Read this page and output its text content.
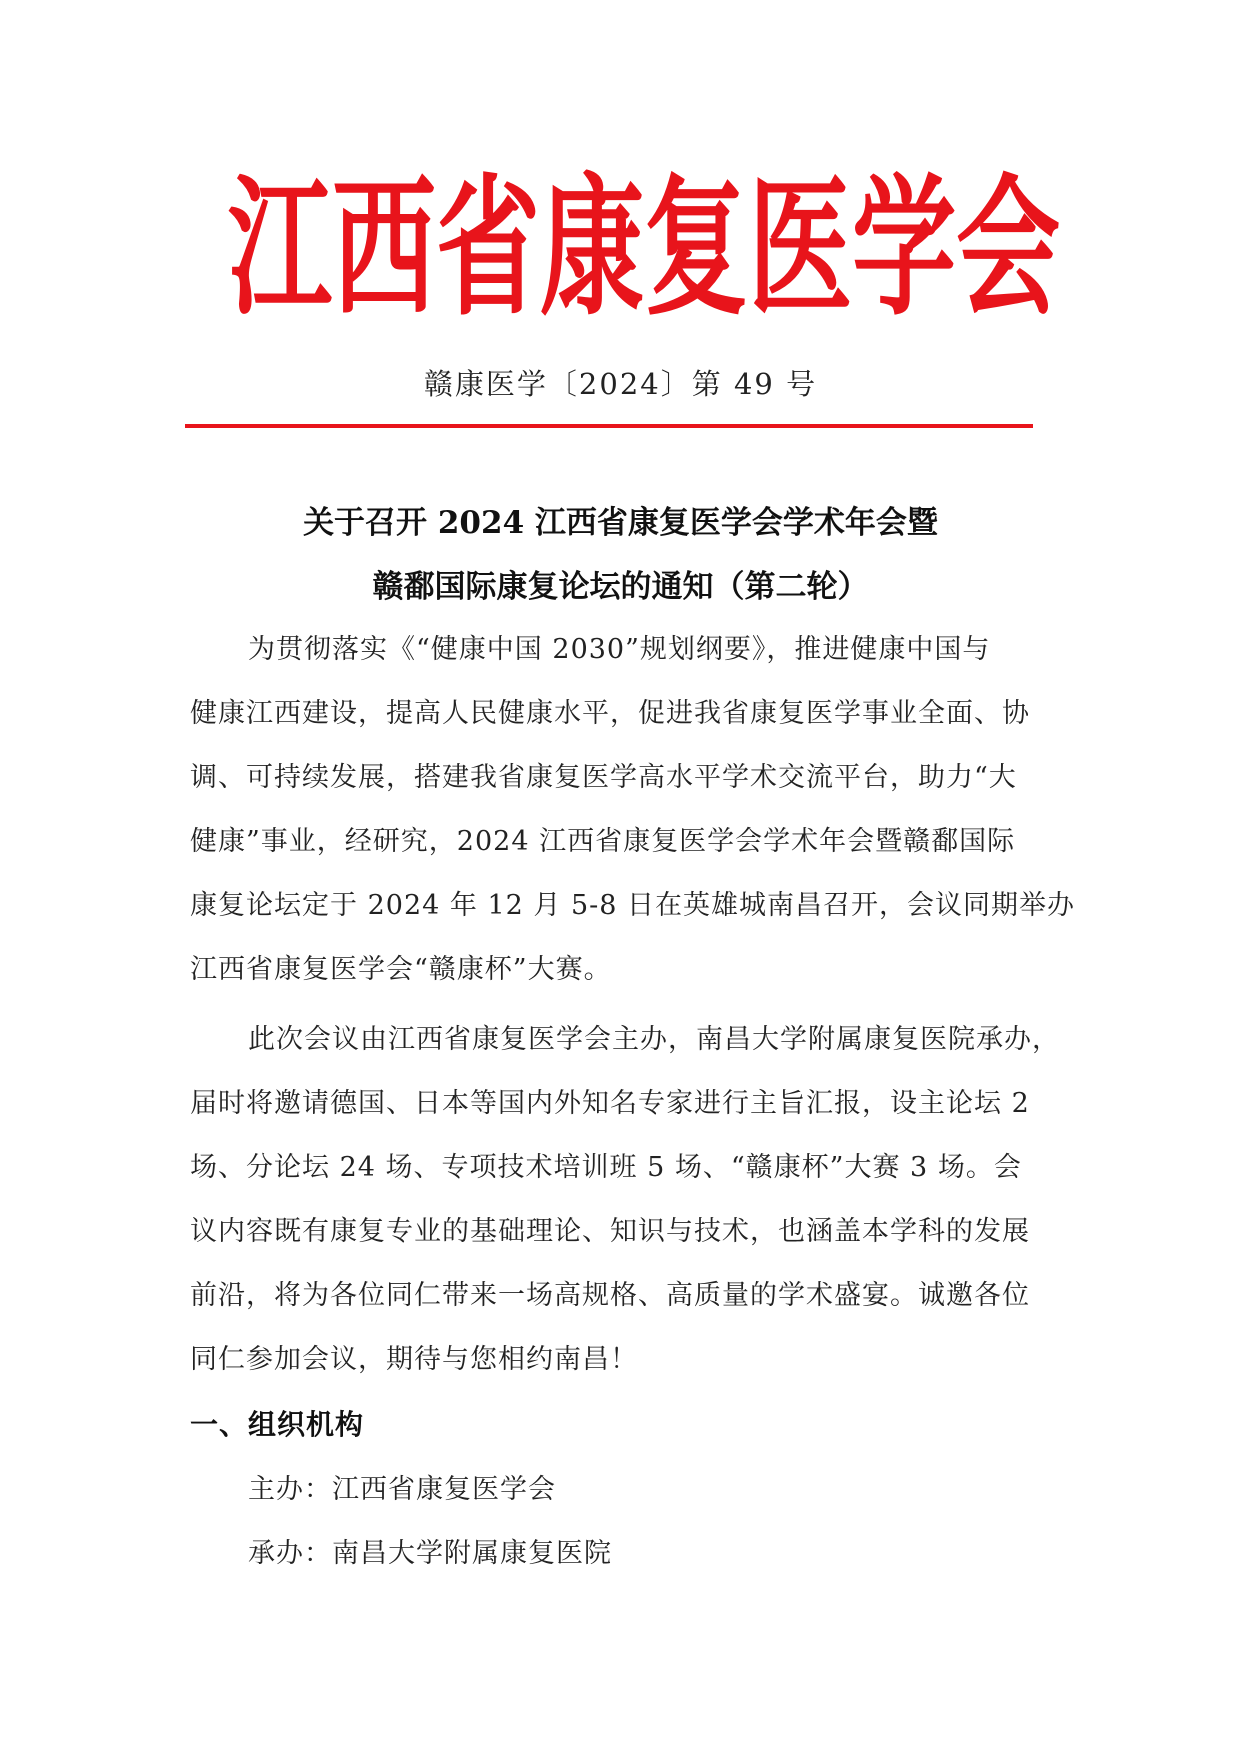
江 西 省 康 复 医 学 会
赣康医学〔2024〕第 49 号
关于召开 2024 江西省康复医学会学术年会暨
赣鄱国际康复论坛的通知（第二轮）
为贯彻落实《“健康中国 2030”规划纲要》，推进健康中国与
健康江西建设，提高人民健康水平，促进我省康复医学事业全面、协
调、可持续发展，搭建我省康复医学高水平学术交流平台，助力“大
健康”事业，经研究，2024 江西省康复医学会学术年会暨赣鄱国际
康复论坛定于 2024 年 12 月 5-8 日在英雄城南昌召开，会议同期举办
江西省康复医学会“赣康杯”大赛。
此次会议由江西省康复医学会主办，南昌大学附属康复医院承办，
届时将邀请德国、日本等国内外知名专家进行主旨汇报，设主论坛 2
场、分论坛 24 场、专项技术培训班 5 场、“赣康杯”大赛 3 场。会
议内容既有康复专业的基础理论、知识与技术，也涵盖本学科的发展
前沿，将为各位同仁带来一场高规格、高质量的学术盛宴。诚邀各位
同仁参加会议，期待与您相约南昌！
一、组织机构
主办：江西省康复医学会
承办：南昌大学附属康复医院
